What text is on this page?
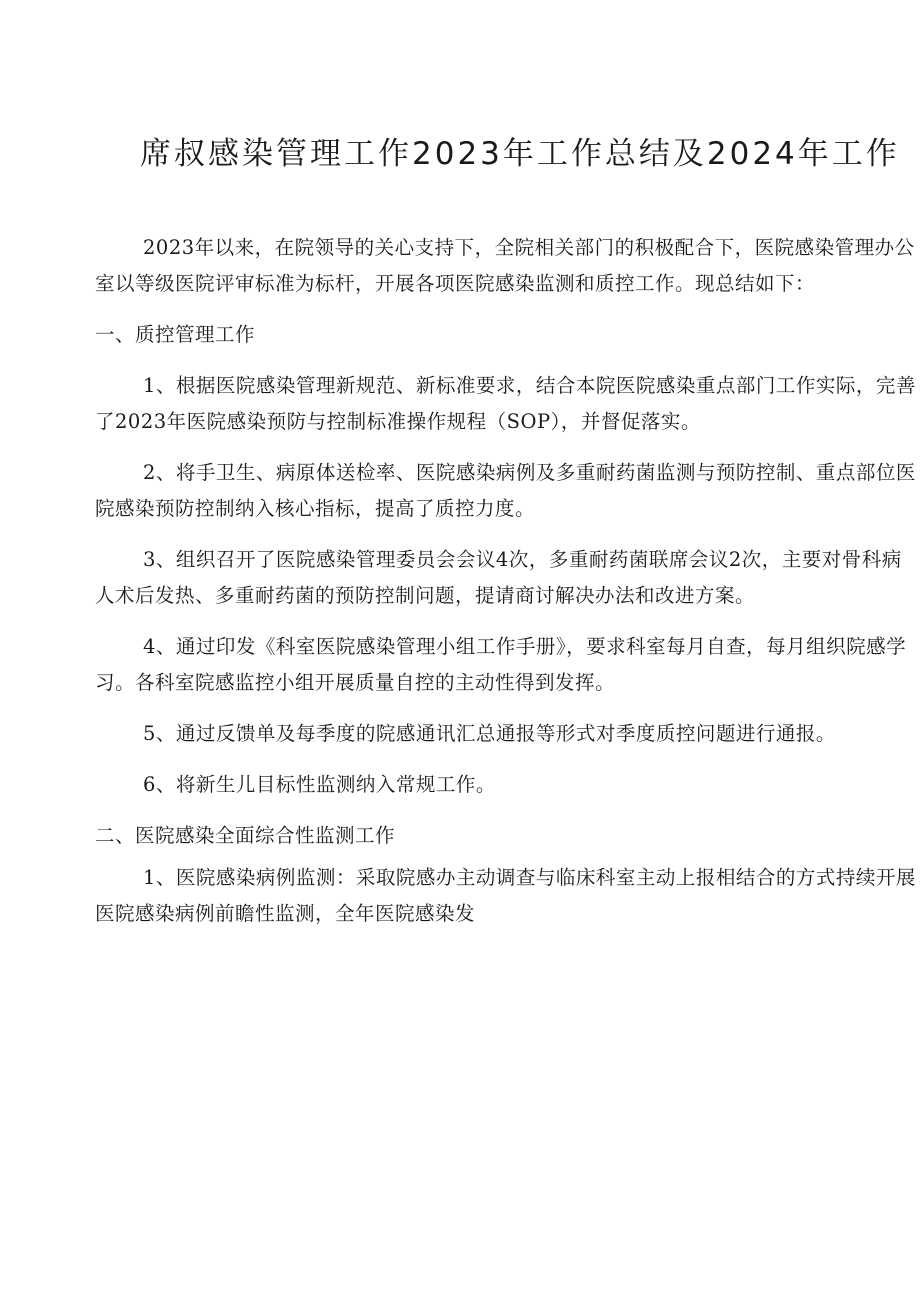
席叔感染管理工作2023年工作总结及2024年工作

2023年以来，在院领导的关心支持下，全院相关部门的积极配合下，医院感染管理办公室以等级医院评审标准为标杆，开展各项医院感染监测和质控工作。现总结如下：

一、质控管理工作

1、根据医院感染管理新规范、新标准要求，结合本院医院感染重点部门工作实际，完善了2023年医院感染预防与控制标准操作规程（SOP），并督促落实。

2、将手卫生、病原体送检率、医院感染病例及多重耐药菌监测与预防控制、重点部位医院感染预防控制纳入核心指标，提高了质控力度。

3、组织召开了医院感染管理委员会会议4次，多重耐药菌联席会议2次，主要对骨科病人术后发热、多重耐药菌的预防控制问题，提请商讨解决办法和改进方案。

4、通过印发《科室医院感染管理小组工作手册》，要求科室每月自查，每月组织院感学习。各科室院感监控小组开展质量自控的主动性得到发挥。

5、通过反馈单及每季度的院感通讯汇总通报等形式对季度质控问题进行通报。

6、将新生儿目标性监测纳入常规工作。

二、医院感染全面综合性监测工作

1、医院感染病例监测：采取院感办主动调查与临床科室主动上报相结合的方式持续开展医院感染病例前瞻性监测，全年医院感染发
